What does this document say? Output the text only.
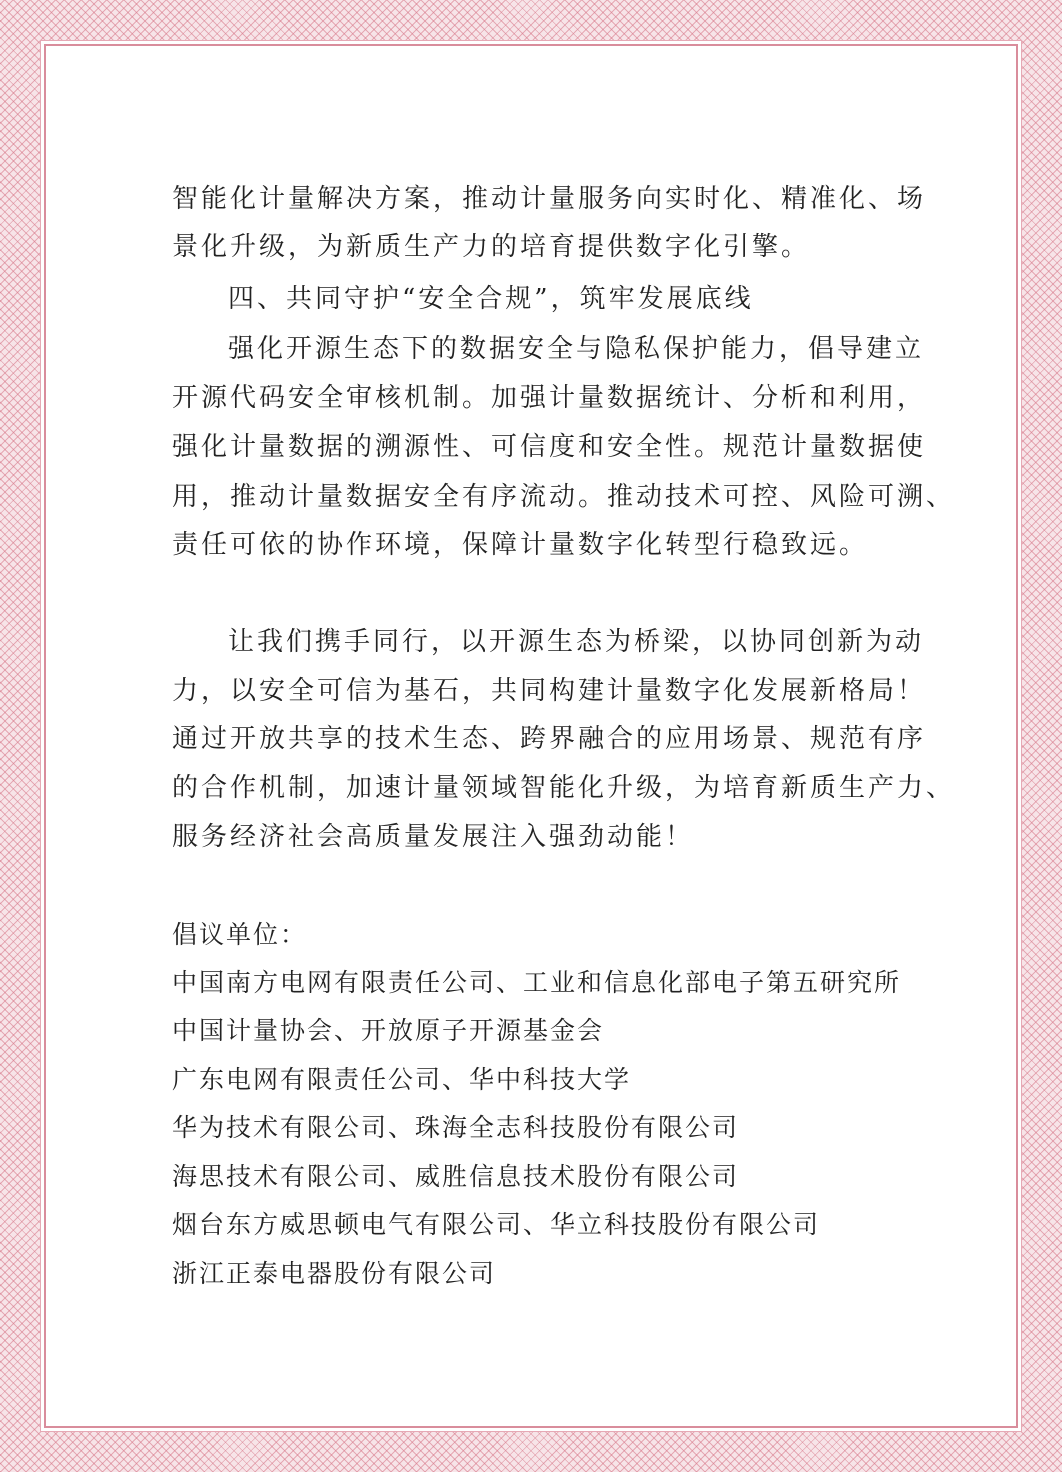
智能化计量解决方案，推动计量服务向实时化、精准化、场
景化升级，为新质生产力的培育提供数字化引擎。
四、共同守护“安全合规”，筑牢发展底线
强化开源生态下的数据安全与隐私保护能力，倡导建立
开源代码安全审核机制。加强计量数据统计、分析和利用，
强化计量数据的溯源性、可信度和安全性。规范计量数据使
用，推动计量数据安全有序流动。推动技术可控、风险可溯、
责任可依的协作环境，保障计量数字化转型行稳致远。
让我们携手同行，以开源生态为桥梁，以协同创新为动
力，以安全可信为基石，共同构建计量数字化发展新格局！
通过开放共享的技术生态、跨界融合的应用场景、规范有序
的合作机制，加速计量领域智能化升级，为培育新质生产力、
服务经济社会高质量发展注入强劲动能！
倡议单位：
中国南方电网有限责任公司、工业和信息化部电子第五研究所
中国计量协会、开放原子开源基金会
广东电网有限责任公司、华中科技大学
华为技术有限公司、珠海全志科技股份有限公司
海思技术有限公司、威胜信息技术股份有限公司
烟台东方威思顿电气有限公司、华立科技股份有限公司
浙江正泰电器股份有限公司
